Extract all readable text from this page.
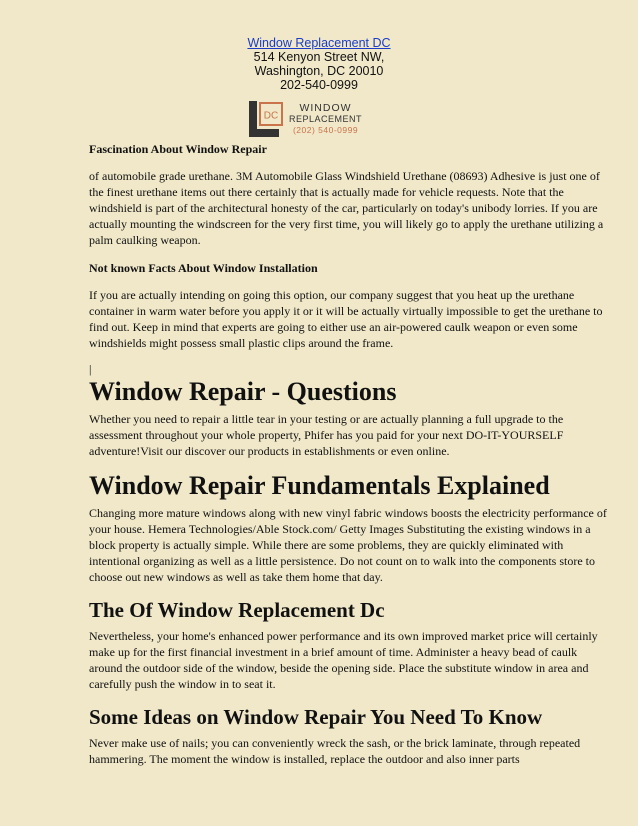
Window Replacement DC
514 Kenyon Street NW,
Washington, DC 20010
202-540-0999
DC
WINDOW
REPLACEMENT
(202) 540-0999
Fascination About Window Repair

of automobile grade urethane. 3M Automobile Glass Windshield Urethane (08693) Adhesive is just one of the finest urethane items out there certainly that is actually made for vehicle requests. Note that the windshield is part of the architectural honesty of the car, particularly on today's unibody lorries. If you are actually mounting the windscreen for the very first time, you will likely go to apply the urethane utilizing a palm caulking weapon.

Not known Facts About Window Installation

If you are actually intending on going this option, our company suggest that you heat up the urethane container in warm water before you apply it or it will be actually virtually impossible to get the urethane to find out. Keep in mind that experts are going to either use an air-powered caulk weapon or even some windshields might possess small plastic clips around the frame.

|
Window Repair - Questions

Whether you need to repair a little tear in your testing or are actually planning a full upgrade to the assessment throughout your whole property, Phifer has you paid for your next DO-IT-YOURSELF adventure!Visit our discover our products in establishments or even online.

Window Repair Fundamentals Explained

Changing more mature windows along with new vinyl fabric windows boosts the electricity performance of your house. Hemera Technologies/Able Stock.com/ Getty Images Substituting the existing windows in a block property is actually simple. While there are some problems, they are quickly eliminated with intentional organizing as well as a little persistence. Do not count on to walk into the components store to choose out new windows as well as take them home that day.

The Of Window Replacement Dc

Nevertheless, your home's enhanced power performance and its own improved market price will certainly make up for the first financial investment in a brief amount of time. Administer a heavy bead of caulk around the outdoor side of the window, beside the opening side. Place the substitute window in area and carefully push the window in to seat it.

Some Ideas on Window Repair You Need To Know

Never make use of nails; you can conveniently wreck the sash, or the brick laminate, through repeated hammering. The moment the window is installed, replace the outdoor and also inner parts
